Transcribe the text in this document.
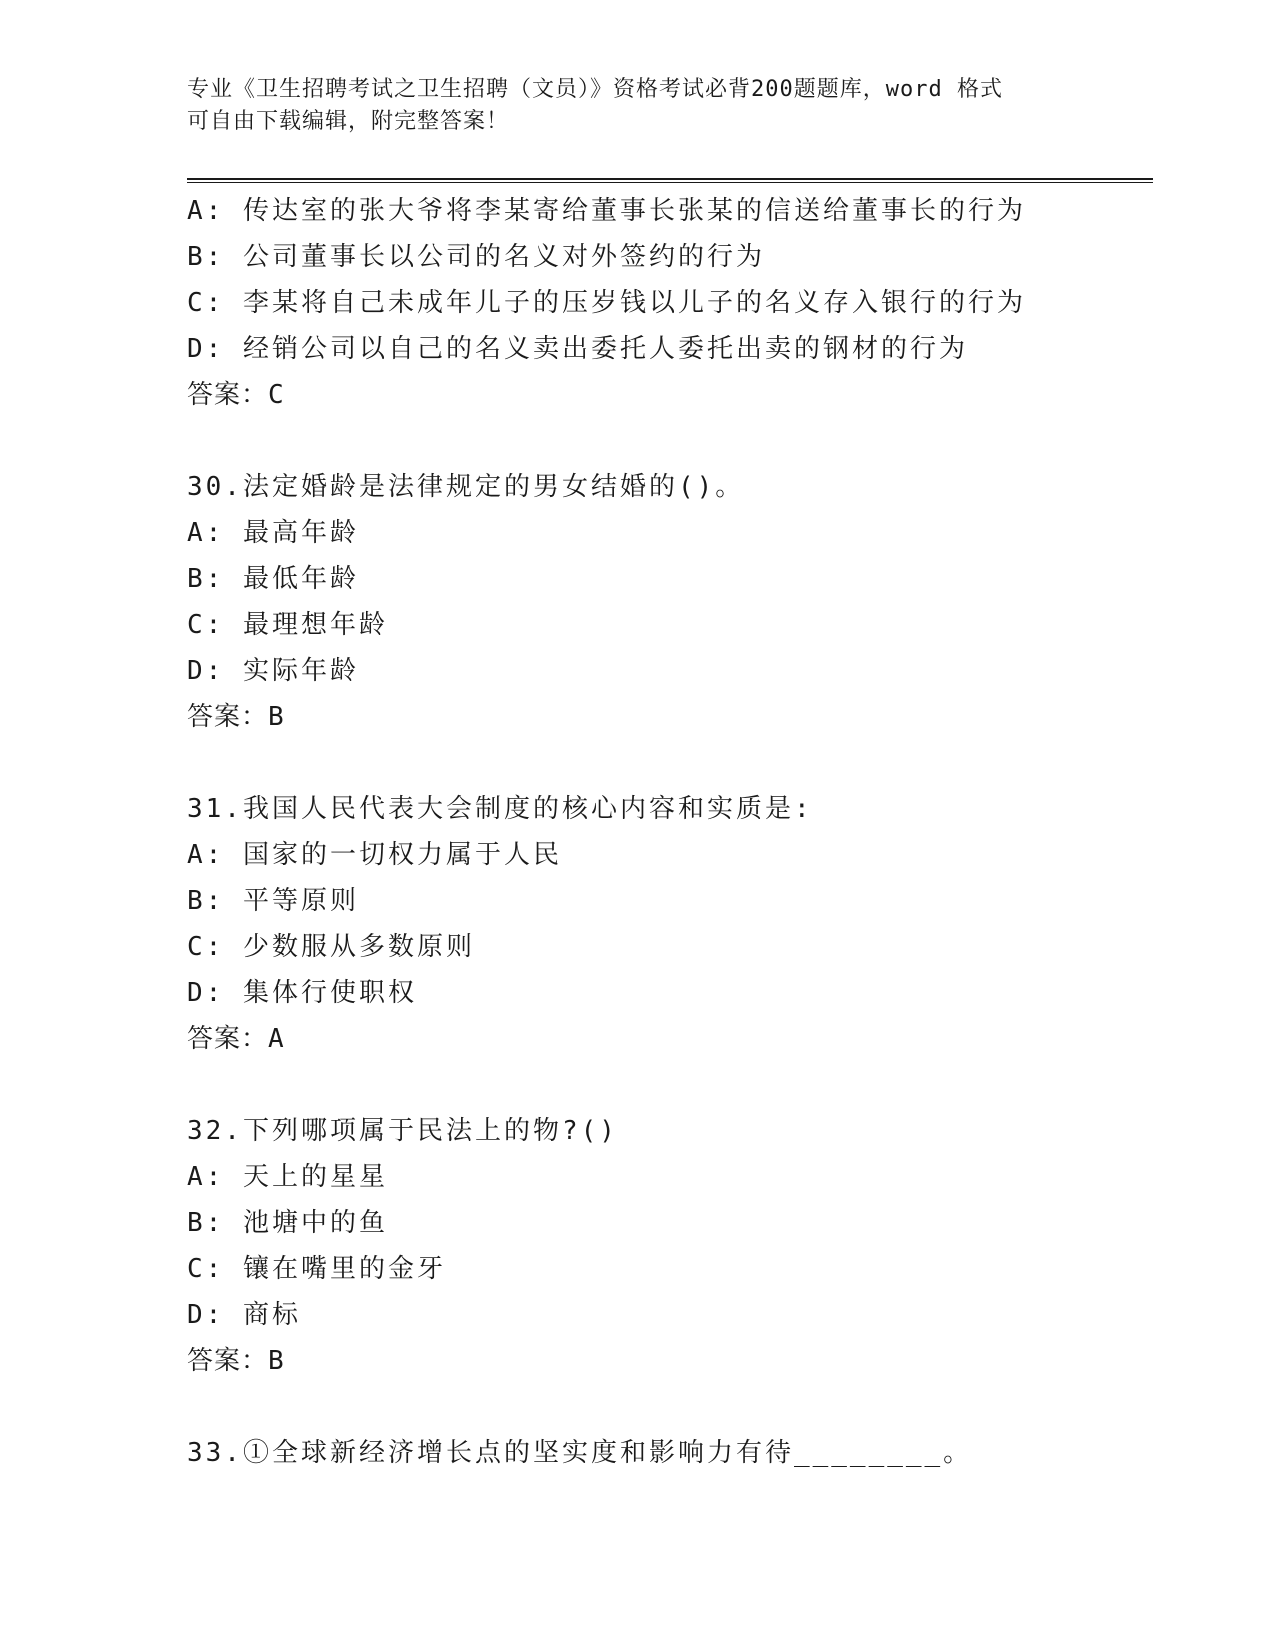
专业《卫生招聘考试之卫生招聘（文员）》资格考试必背200题题库，word 格式
可自由下载编辑，附完整答案！
A: 传达室的张大爷将李某寄给董事长张某的信送给董事长的行为
B: 公司董事长以公司的名义对外签约的行为
C: 李某将自己未成年儿子的压岁钱以儿子的名义存入银行的行为
D: 经销公司以自己的名义卖出委托人委托出卖的钢材的行为
答案：C
30.法定婚龄是法律规定的男女结婚的()。
A: 最高年龄
B: 最低年龄
C: 最理想年龄
D: 实际年龄
答案：B
31.我国人民代表大会制度的核心内容和实质是:
A: 国家的一切权力属于人民
B: 平等原则
C: 少数服从多数原则
D: 集体行使职权
答案：A
32.下列哪项属于民法上的物?()
A: 天上的星星
B: 池塘中的鱼
C: 镶在嘴里的金牙
D: 商标
答案：B
33.①全球新经济增长点的坚实度和影响力有待________。
